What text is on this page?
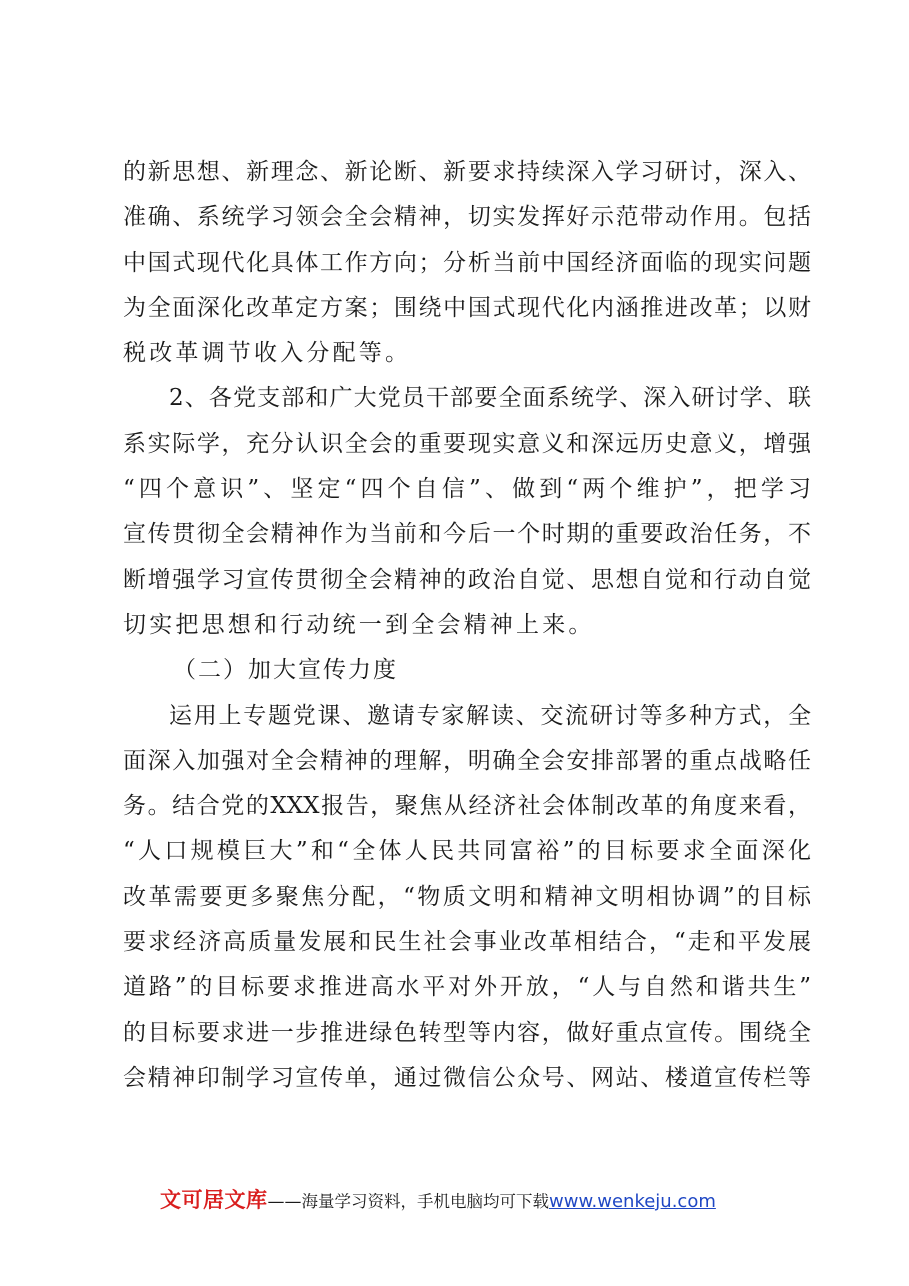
的新思想、新理念、新论断、新要求持续深入学习研讨，深入、
准确、系统学习领会全会精神，切实发挥好示范带动作用。包括
中国式现代化具体工作方向；分析当前中国经济面临的现实问题
为全面深化改革定方案；围绕中国式现代化内涵推进改革；以财
税改革调节收入分配等。
2、各党支部和广大党员干部要全面系统学、深入研讨学、联
系实际学，充分认识全会的重要现实意义和深远历史意义，增强
“四个意识”、坚定“四个自信”、做到“两个维护”，把学习
宣传贯彻全会精神作为当前和今后一个时期的重要政治任务，不
断增强学习宣传贯彻全会精神的政治自觉、思想自觉和行动自觉
切实把思想和行动统一到全会精神上来。
（二）加大宣传力度
运用上专题党课、邀请专家解读、交流研讨等多种方式，全
面深入加强对全会精神的理解，明确全会安排部署的重点战略任
务。结合党的XXX报告，聚焦从经济社会体制改革的角度来看，
“人口规模巨大”和“全体人民共同富裕”的目标要求全面深化
改革需要更多聚焦分配，“物质文明和精神文明相协调”的目标
要求经济高质量发展和民生社会事业改革相结合，“走和平发展
道路”的目标要求推进高水平对外开放，“人与自然和谐共生”
的目标要求进一步推进绿色转型等内容，做好重点宣传。围绕全
会精神印制学习宣传单，通过微信公众号、网站、楼道宣传栏等
文可居文库——海量学习资料，手机电脑均可下载www.wenkeju.com
